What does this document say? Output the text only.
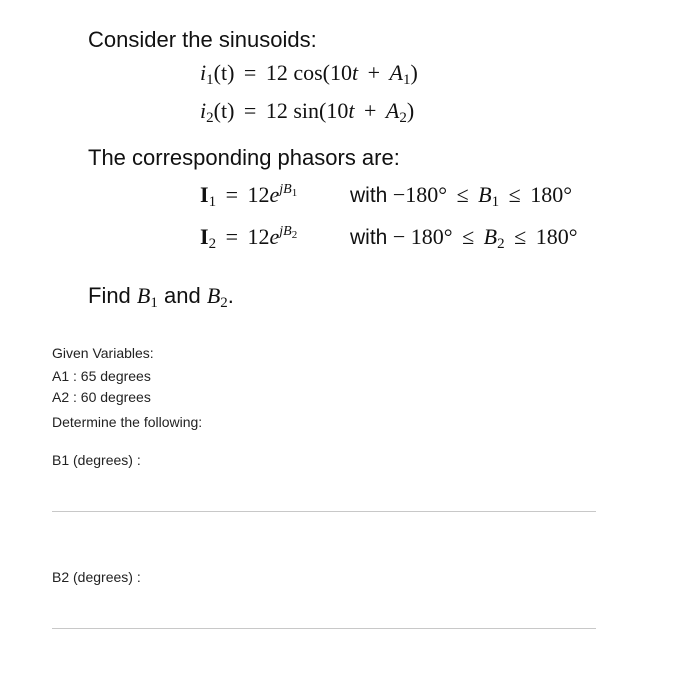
Consider the sinusoids:
$i_1(t) = 12$ $\cos(10t + A_1)$
$i_2(t) = 12$ $\sin(10t + A_2)$
The corresponding phasors are:
$I_1 = 12e^{jB_1}$	with $-180^\circ \le B_1 \le 180^\circ$
$I_2 = 12e^{jB_2}$	with − $180^\circ \le B_2 \le 180^\circ$
Find $B_1$ and $B_2$.
Given Variables:
A1 : 65 degrees
A2 : 60 degrees
Determine the following:
B1 (degrees) :
B2 (degrees) :
